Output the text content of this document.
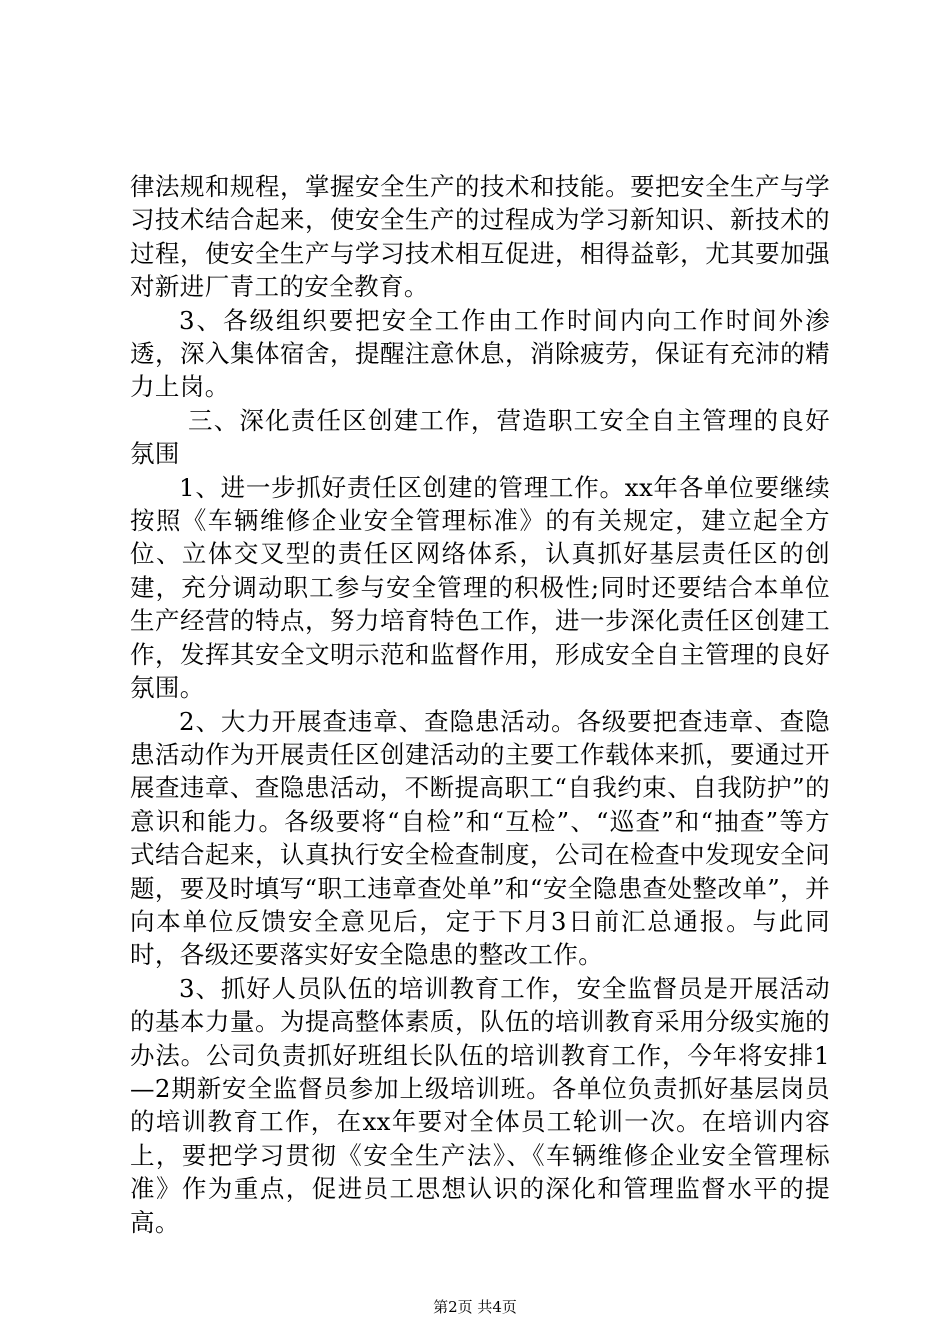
律法规和规程，掌握安全生产的技术和技能。要把安全生产与学习技术结合起来，使安全生产的过程成为学习新知识、新技术的过程，使安全生产与学习技术相互促进，相得益彰，尤其要加强对新进厂青工的安全教育。

3、各级组织要把安全工作由工作时间内向工作时间外渗透，深入集体宿舍，提醒注意休息，消除疲劳，保证有充沛的精力上岗。

三、深化责任区创建工作，营造职工安全自主管理的良好氛围

1、进一步抓好责任区创建的管理工作。xx年各单位要继续按照《车辆维修企业安全管理标准》的有关规定，建立起全方位、立体交叉型的责任区网络体系，认真抓好基层责任区的创建，充分调动职工参与安全管理的积极性;同时还要结合本单位生产经营的特点，努力培育特色工作，进一步深化责任区创建工作，发挥其安全文明示范和监督作用，形成安全自主管理的良好氛围。

2、大力开展查违章、查隐患活动。各级要把查违章、查隐患活动作为开展责任区创建活动的主要工作载体来抓，要通过开展查违章、查隐患活动，不断提高职工“自我约束、自我防护”的意识和能力。各级要将“自检”和“互检”、“巡查”和“抽查”等方式结合起来，认真执行安全检查制度，公司在检查中发现安全问题，要及时填写“职工违章查处单”和“安全隐患查处整改单”，并向本单位反馈安全意见后，定于下月3日前汇总通报。与此同时，各级还要落实好安全隐患的整改工作。

3、抓好人员队伍的培训教育工作，安全监督员是开展活动的基本力量。为提高整体素质，队伍的培训教育采用分级实施的办法。公司负责抓好班组长队伍的培训教育工作，今年将安排1—2期新安全监督员参加上级培训班。各单位负责抓好基层岗员的培训教育工作，在xx年要对全体员工轮训一次。在培训内容上，要把学习贯彻《安全生产法》、《车辆维修企业安全管理标准》作为重点，促进员工思想认识的深化和管理监督水平的提高。

第2页 共4页
